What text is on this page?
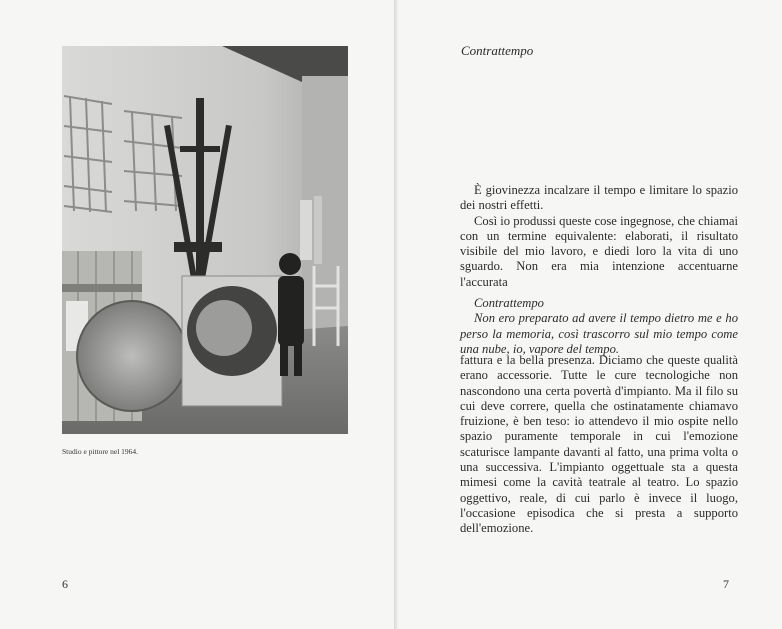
Studio e pittore nel 1964.
6
Contrattempo

È giovinezza incalzare il tempo e limitare lo spazio dei nostri effetti.

Così io produssi queste cose ingegnose, che chiamai con un termine equivalente: elaborati, il risultato visibile del mio lavoro, e diedi loro la vita di uno sguardo. Non era mia intenzione accentuarne l'accurata

Contrattempo

Non ero preparato ad avere il tempo dietro me e ho perso la memoria, così trascorro sul mio tempo come una nube, io, vapore del tempo.

fattura e la bella presenza. Diciamo che queste qualità erano accessorie. Tutte le cure tecnologiche non nascondono una certa povertà d'impianto. Ma il filo su cui deve correre, quella che ostinatamente chiamavo fruizione, è ben teso: io attendevo il mio ospite nello spazio puramente temporale in cui l'emozione scaturisce lampante davanti al fatto, una prima volta o una successiva. L'impianto oggettuale sta a questa mimesi come la cavità teatrale al teatro. Lo spazio oggettivo, reale, di cui parlo è invece il luogo, l'occasione episodica che si presta a supporto dell'emozione.

7
